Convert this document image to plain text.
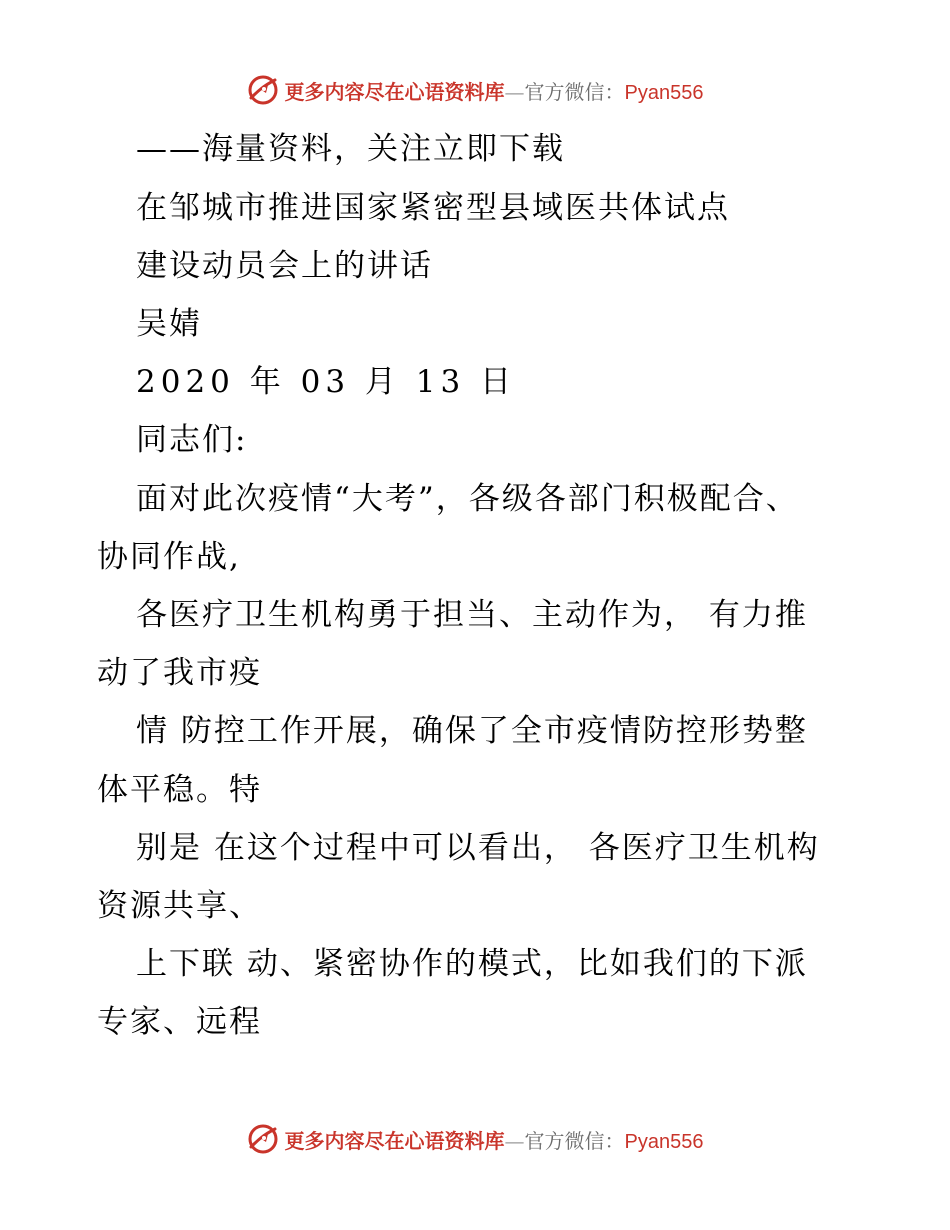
更多内容尽在心语资料库—官方微信：Pyan556
——海量资料，关注立即下载
在邹城市推进国家紧密型县域医共体试点
建设动员会上的讲话
吴婧
2020 年 03 月 13 日
同志们:
面对此次疫情“大考”，各级各部门积极配合、
协同作战,
各医疗卫生机构勇于担当、主动作为， 有力推
动了我市疫
情 防控工作开展，确保了全市疫情防控形势整
体平稳。特
别是 在这个过程中可以看出， 各医疗卫生机构
资源共享、
上下联 动、紧密协作的模式，比如我们的下派
专家、远程
更多内容尽在心语资料库—官方微信：Pyan556
